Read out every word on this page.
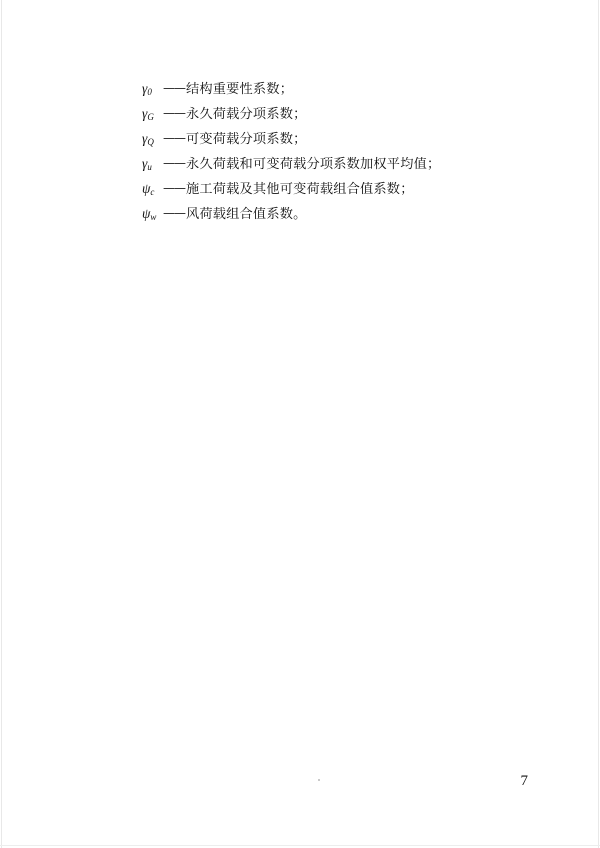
$\gamma_0$ —— 结构重要性系数；
$\gamma_G$ —— 永久荷载分项系数；
$\gamma_Q$ —— 可变荷载分项系数；
$\gamma_u$ —— 永久荷载和可变荷载分项系数加权平均值；
$\psi_c$ —— 施工荷载及其他可变荷载组合值系数；
$\psi_w$ —— 风荷载组合值系数。
7
